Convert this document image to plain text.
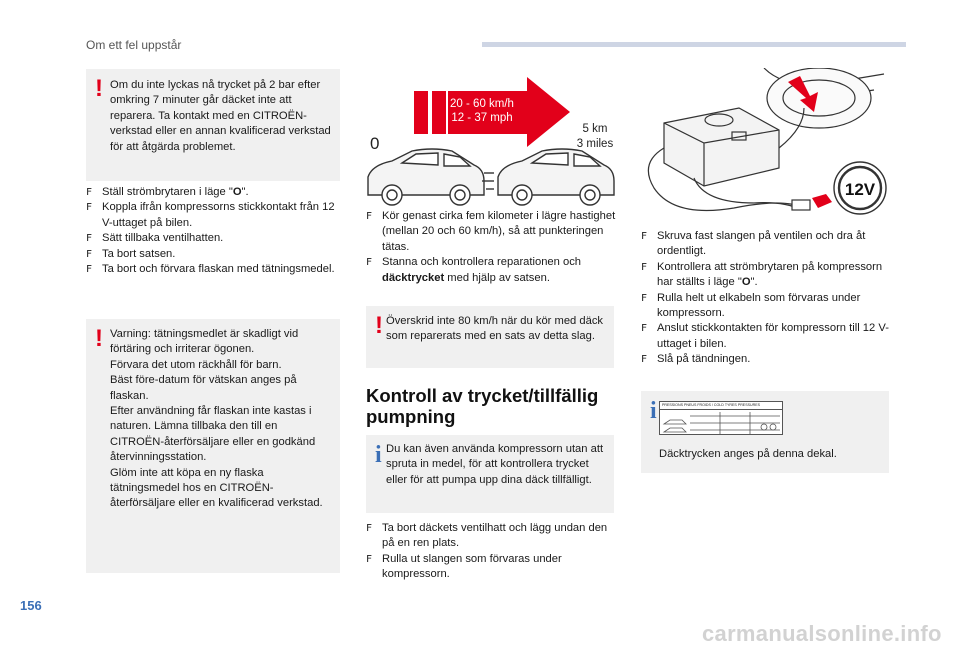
Om ett fel uppstår
! Om du inte lyckas nå trycket på 2 bar efter omkring 7 minuter går däcket inte att reparera. Ta kontakt med en CITROËN-verkstad eller en annan kvalificerad verkstad för att åtgärda problemet.

F Ställ strömbrytaren i läge "O".
F Koppla ifrån kompressorns stickkontakt från 12 V-uttaget på bilen.
F Sätt tillbaka ventilhatten.
F Ta bort satsen.
F Ta bort och förvara flaskan med tätningsmedel.
! Varning: tätningsmedlet är skadligt vid förtäring och irriterar ögonen.

Förvara det utom räckhåll för barn.

Bäst före-datum för vätskan anges på flaskan.

Efter användning får flaskan inte kastas i naturen. Lämna tillbaka den till en CITROËN-återförsäljare eller en godkänd återvinningsstation.

Glöm inte att köpa en ny flaska tätningsmedel hos en CITROËN-återförsäljare eller en kvalificerad verkstad.

20 - 60 km/h
12 - 37 mph
5 km
3 miles
0
F Kör genast cirka fem kilometer i lägre hastighet (mellan 20 och 60 km/h), så att punkteringen tätas.
F Stanna och kontrollera reparationen och däcktrycket med hjälp av satsen.
! Överskrid inte 80 km/h när du kör med däck som reparerats med en sats av detta slag.

Kontroll av trycket/tillfällig pumpning
i Du kan även använda kompressorn utan att spruta in medel, för att kontrollera trycket eller för att pumpa upp dina däck tillfälligt.

F Ta bort däckets ventilhatt och lägg undan den på en ren plats.
F Rulla ut slangen som förvaras under kompressorn.
12V
F Skruva fast slangen på ventilen och dra åt ordentligt.
F Kontrollera att strömbrytaren på kompressorn har ställts i läge "O".
F Rulla helt ut elkabeln som förvaras under kompressorn.
F Anslut stickkontakten för kompressorn till 12 V-uttaget i bilen.
F Slå på tändningen.
i	PRESSIONS PNEUS FROIDS / COLD TYRES PRESSURES

Däcktrycken anges på denna dekal.

156
carmanualsonline.info
